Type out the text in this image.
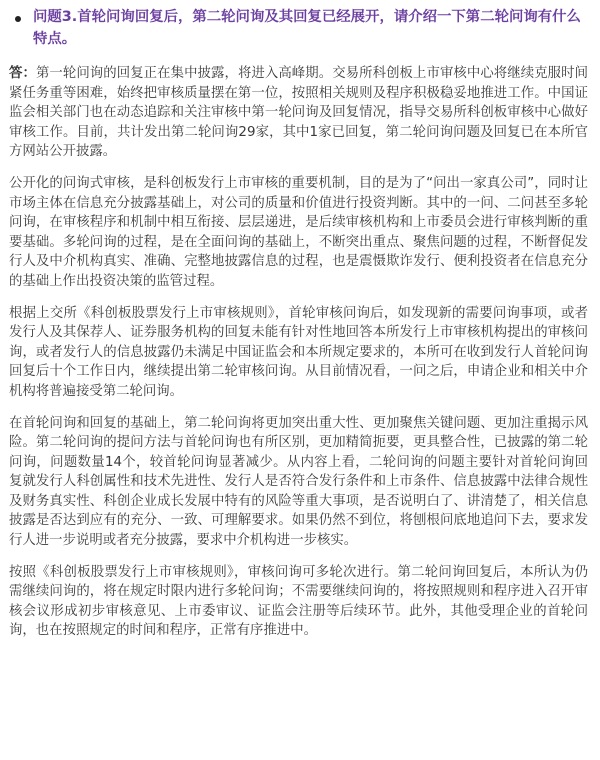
问题3.首轮问询回复后，第二轮问询及其回复已经展开，请介绍一下第二轮问询有什么特点。

答：第一轮问询的回复正在集中披露，将进入高峰期。交易所科创板上市审核中心将继续克服时间紧任务重等困难，始终把审核质量摆在第一位，按照相关规则及程序积极稳妥地推进工作。中国证监会相关部门也在动态追踪和关注审核中第一轮问询及回复情况，指导交易所科创板审核中心做好审核工作。目前，共计发出第二轮问询29家，其中1家已回复，第二轮问询问题及回复已在本所官方网站公开披露。

公开化的问询式审核，是科创板发行上市审核的重要机制，目的是为了“问出一家真公司”，同时让市场主体在信息充分披露基础上，对公司的质量和价值进行投资判断。其中的一问、二问甚至多轮问询，在审核程序和机制中相互衔接、层层递进，是后续审核机构和上市委员会进行审核判断的重要基础。多轮问询的过程，是在全面问询的基础上，不断突出重点、聚焦问题的过程，不断督促发行人及中介机构真实、准确、完整地披露信息的过程，也是震慑欺诈发行、便利投资者在信息充分的基础上作出投资决策的监管过程。

根据上交所《科创板股票发行上市审核规则》，首轮审核问询后，如发现新的需要问询事项，或者发行人及其保荐人、证券服务机构的回复未能有针对性地回答本所发行上市审核机构提出的审核问询，或者发行人的信息披露仍未满足中国证监会和本所规定要求的，本所可在收到发行人首轮问询回复后十个工作日内，继续提出第二轮审核问询。从目前情况看，一问之后，申请企业和相关中介机构将普遍接受第二轮问询。

在首轮问询和回复的基础上，第二轮问询将更加突出重大性、更加聚焦关键问题、更加注重揭示风险。第二轮问询的提问方法与首轮问询也有所区别，更加精简扼要，更具整合性，已披露的第二轮问询，问题数量14个，较首轮问询显著减少。从内容上看，二轮问询的问题主要针对首轮问询回复就发行人科创属性和技术先进性、发行人是否符合发行条件和上市条件、信息披露中法律合规性及财务真实性、科创企业成长发展中特有的风险等重大事项，是否说明白了、讲清楚了，相关信息披露是否达到应有的充分、一致、可理解要求。如果仍然不到位，将刨根问底地追问下去，要求发行人进一步说明或者充分披露，要求中介机构进一步核实。

按照《科创板股票发行上市审核规则》，审核问询可多轮次进行。第二轮问询回复后，本所认为仍需继续问询的，将在规定时限内进行多轮问询；不需要继续问询的，将按照规则和程序进入召开审核会议形成初步审核意见、上市委审议、证监会注册等后续环节。此外，其他受理企业的首轮问询，也在按照规定的时间和程序，正常有序推进中。
